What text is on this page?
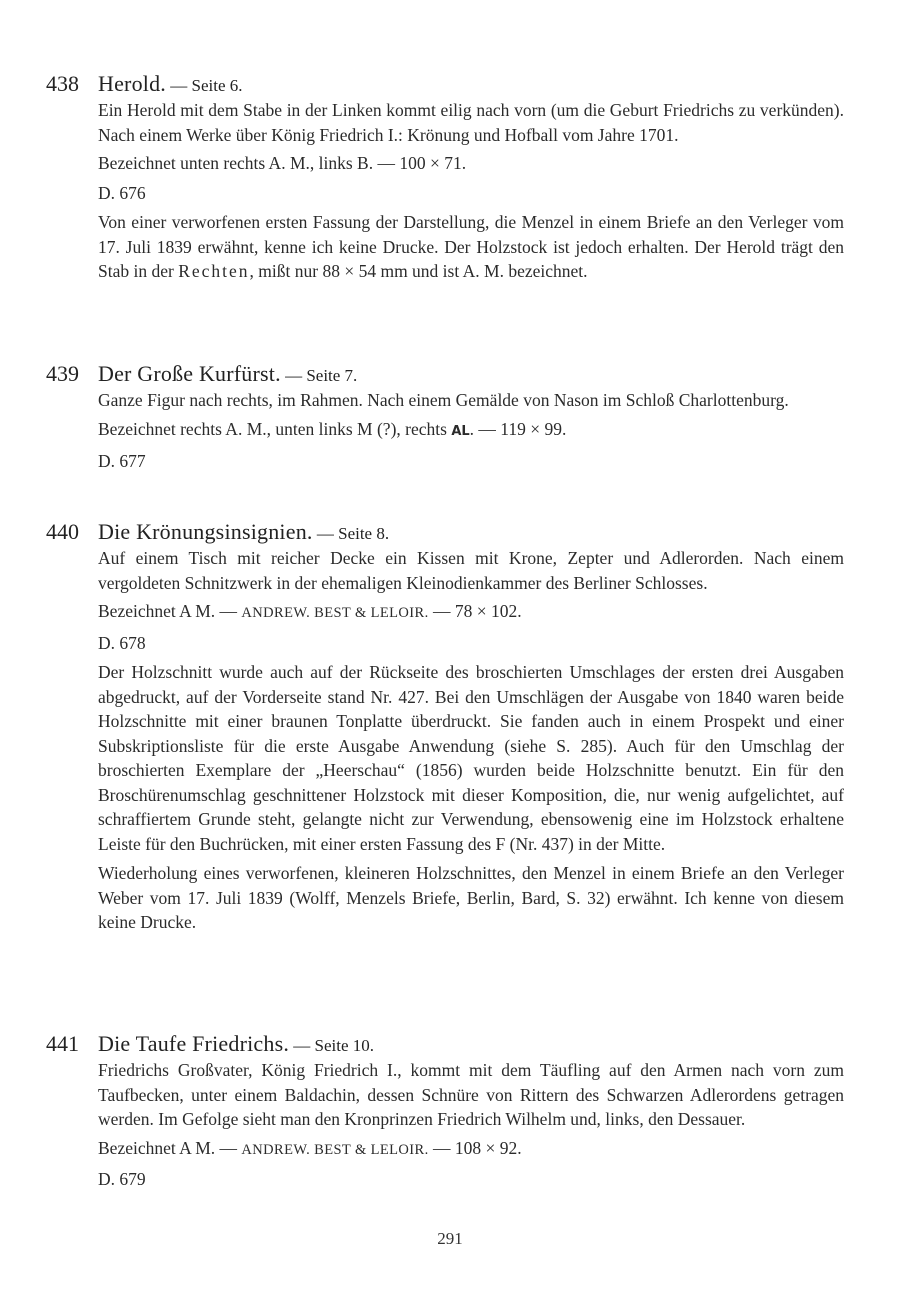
438 Herold. — Seite 6.

Ein Herold mit dem Stabe in der Linken kommt eilig nach vorn (um die Geburt Friedrichs zu verkünden). Nach einem Werke über König Friedrich I.: Krönung und Hofball vom Jahre 1701.

Bezeichnet unten rechts A. M., links B. — 100 × 71.

D. 676

Von einer verworfenen ersten Fassung der Darstellung, die Menzel in einem Briefe an den Verleger vom 17. Juli 1839 erwähnt, kenne ich keine Drucke. Der Holzstock ist jedoch erhalten. Der Herold trägt den Stab in der Rechten, mißt nur 88 × 54 mm und ist A. M. bezeichnet.

439 Der Große Kurfürst. — Seite 7.

Ganze Figur nach rechts, im Rahmen. Nach einem Gemälde von Nason im Schloß Charlottenburg.

Bezeichnet rechts A. M., unten links M (?), rechts AL. — 119 × 99.

D. 677

440 Die Krönungsinsignien. — Seite 8.

Auf einem Tisch mit reicher Decke ein Kissen mit Krone, Zepter und Adlerorden. Nach einem vergoldeten Schnitzwerk in der ehemaligen Kleinodienkammer des Berliner Schlosses.

Bezeichnet A M. — ANDREW. BEST & LELOIR. — 78 × 102.

D. 678

Der Holzschnitt wurde auch auf der Rückseite des broschierten Umschlages der ersten drei Ausgaben abgedruckt, auf der Vorderseite stand Nr. 427. Bei den Umschlägen der Ausgabe von 1840 waren beide Holzschnitte mit einer braunen Tonplatte überdruckt. Sie fanden auch in einem Prospekt und einer Subskriptionsliste für die erste Ausgabe Anwendung (siehe S. 285). Auch für den Umschlag der broschierten Exemplare der „Heerschau“ (1856) wurden beide Holzschnitte benutzt. Ein für den Broschürenumschlag geschnittener Holzstock mit dieser Komposition, die, nur wenig aufgelichtet, auf schraffiertem Grunde steht, gelangte nicht zur Verwendung, ebensowenig eine im Holzstock erhaltene Leiste für den Buchrücken, mit einer ersten Fassung des F (Nr. 437) in der Mitte.

Wiederholung eines verworfenen, kleineren Holzschnittes, den Menzel in einem Briefe an den Verleger Weber vom 17. Juli 1839 (Wolff, Menzels Briefe, Berlin, Bard, S. 32) erwähnt. Ich kenne von diesem keine Drucke.

441 Die Taufe Friedrichs. — Seite 10.

Friedrichs Großvater, König Friedrich I., kommt mit dem Täufling auf den Armen nach vorn zum Taufbecken, unter einem Baldachin, dessen Schnüre von Rittern des Schwarzen Adlerordens getragen werden. Im Gefolge sieht man den Kronprinzen Friedrich Wilhelm und, links, den Dessauer.

Bezeichnet A M. — ANDREW. BEST & LELOIR. — 108 × 92.

D. 679

291
